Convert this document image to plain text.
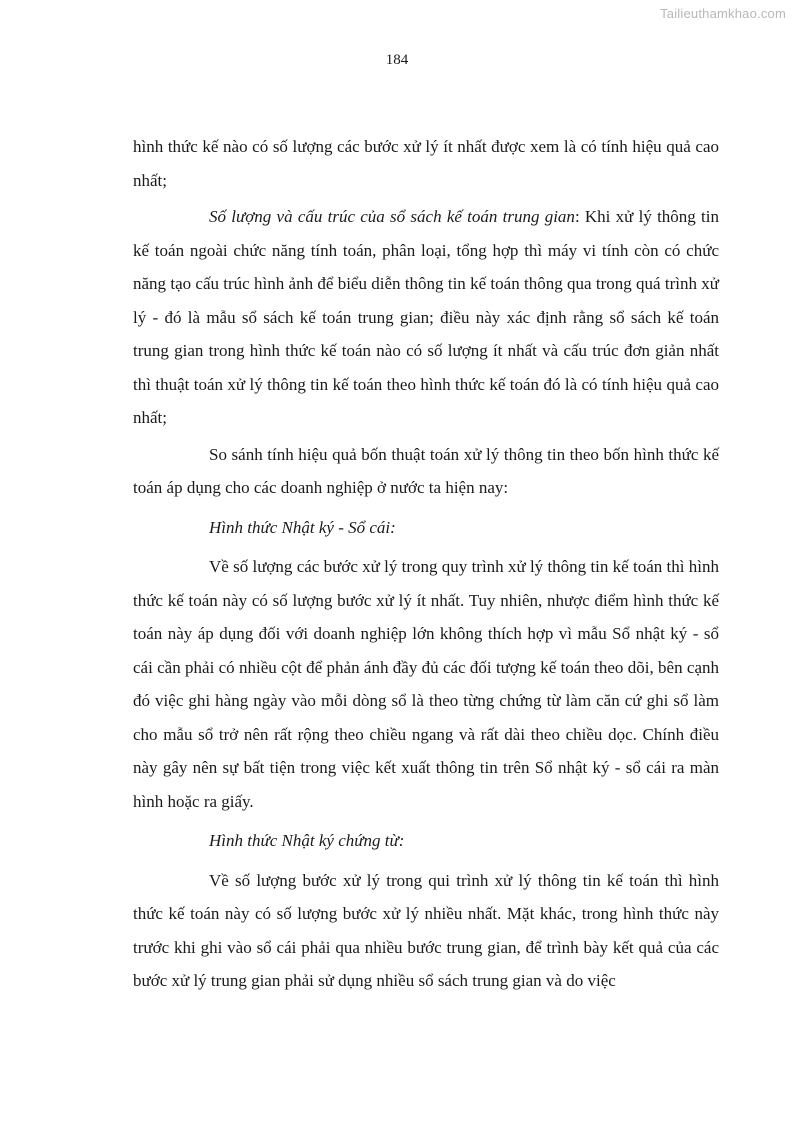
Tailieuthamkhao.com
184

hình thức kế nào có số lượng các bước xử lý ít nhất được xem là có tính hiệu quả cao nhất;

Số lượng và cấu trúc của sổ sách kế toán trung gian: Khi xử lý thông tin kế toán ngoài chức năng tính toán, phân loại, tổng hợp thì máy vi tính còn có chức năng tạo cấu trúc hình ảnh để biểu diễn thông tin kế toán thông qua trong quá trình xử lý - đó là mẫu sổ sách kế toán trung gian; điều này xác định rằng sổ sách kế toán trung gian trong hình thức kế toán nào có số lượng ít nhất và cấu trúc đơn giản nhất thì thuật toán xử lý thông tin kế toán theo hình thức kế toán đó là có tính hiệu quả cao nhất;

So sánh tính hiệu quả bốn thuật toán xử lý thông tin theo bốn hình thức kế toán áp dụng cho các doanh nghiệp ở nước ta hiện nay:

Hình thức Nhật ký - Sổ cái:

Về số lượng các bước xử lý trong quy trình xử lý thông tin kế toán thì hình thức kế toán này có số lượng bước xử lý ít nhất. Tuy nhiên, nhược điểm hình thức kế toán này áp dụng đối với doanh nghiệp lớn không thích hợp vì mẫu Sổ nhật ký - sổ cái cần phải có nhiều cột để phản ánh đầy đủ các đối tượng kế toán theo dõi, bên cạnh đó việc ghi hàng ngày vào mỗi dòng sổ là theo từng chứng từ làm căn cứ ghi sổ làm cho mẫu sổ trở nên rất rộng theo chiều ngang và rất dài theo chiều dọc. Chính điều này gây nên sự bất tiện trong việc kết xuất thông tin trên Sổ nhật ký - sổ cái ra màn hình hoặc ra giấy.

Hình thức Nhật ký chứng từ:

Về số lượng bước xử lý trong qui trình xử lý thông tin kế toán thì hình thức kế toán này có số lượng bước xử lý nhiều nhất. Mặt khác, trong hình thức này trước khi ghi vào sổ cái phải qua nhiều bước trung gian, để trình bày kết quả của các bước xử lý trung gian phải sử dụng nhiều sổ sách trung gian và do việc
